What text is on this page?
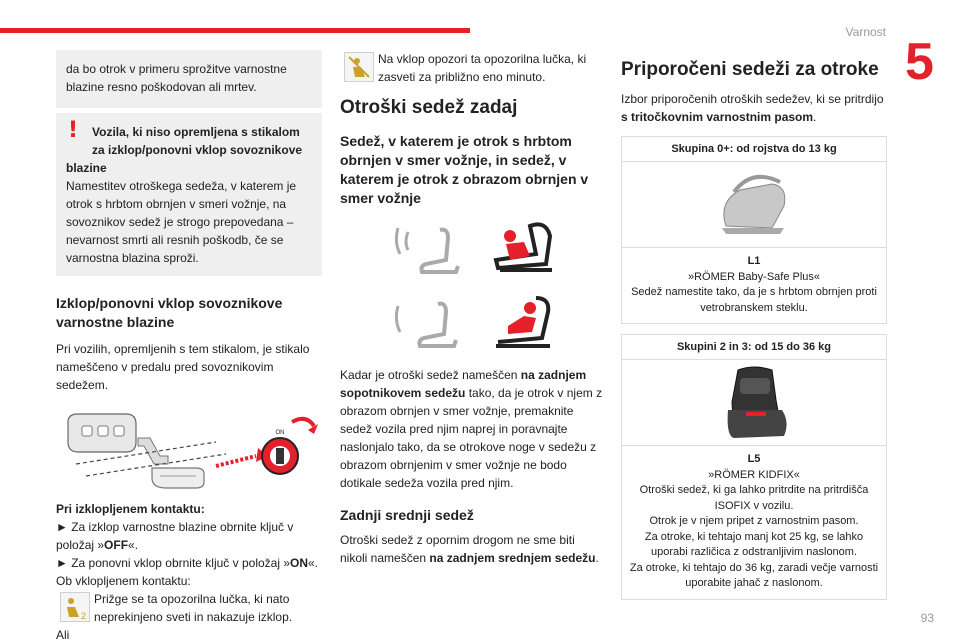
Varnost
5
da bo otrok v primeru sprožitve varnostne blazine resno poškodovan ali mrtev.
!	Vozila, ki niso opremljena s stikalom za izklop/ponovni vklop sovoznikove
blazine
Namestitev otroškega sedeža, v katerem je otrok s hrbtom obrnjen v smeri vožnje, na sovoznikov sedež je strogo prepovedana – nevarnost smrti ali resnih poškodb, če se varnostna blazina sproži.
Izklop/ponovni vklop sovoznikove varnostne blazine

Pri vozilih, opremljenih s tem stikalom, je stikalo nameščeno v predalu pred sovoznikovim sedežem.

ON

Pri izklopljenem kontaktu:

► Za izklop varnostne blazine obrnite ključ v položaj »OFF«.

► Za ponovni vklop obrnite ključ v položaj »ON«.

Ob vklopljenem kontaktu:

2

Prižge se ta opozorilna lučka, ki nato neprekinjeno sveti in nakazuje izklop.

Ali

Na vklop opozori ta opozorilna lučka, ki zasveti za približno eno minuto.

Otroški sedež zadaj
Sedež, v katerem je otrok s hrbtom obrnjen v smer vožnje, in sedež, v katerem je otrok z obrazom obrnjen v smer vožnje

Kadar je otroški sedež nameščen na zadnjem sopotnikovem sedežu tako, da je otrok v njem z obrazom obrnjen v smer vožnje, premaknite sedež vozila pred njim naprej in poravnajte naslonjalo tako, da se otrokove noge v sedežu z obrazom obrnjenim v smer vožnje ne bodo dotikale sedeža vozila pred njim.

Zadnji srednji sedež

Otroški sedež z opornim drogom ne sme biti nikoli nameščen na zadnjem srednjem sedežu.

Priporočeni sedeži za otroke

Izbor priporočenih otroških sedežev, ki se pritrdijo s tritočkovnim varnostnim pasom.

Skupina 0+: od rojstva do 13 kg
L1
»RÖMER Baby-Safe Plus«
Sedež namestite tako, da je s hrbtom obrnjen proti vetrobranskem steklu.
Skupini 2 in 3: od 15 do 36 kg
L5
»RÖMER KIDFIX«
Otroški sedež, ki ga lahko pritrdite na pritrdišča ISOFIX v vozilu.
Otrok je v njem pripet z varnostnim pasom.
Za otroke, ki tehtajo manj kot 25 kg, se lahko uporabi različica z odstranljivim naslonom.
Za otroke, ki tehtajo do 36 kg, zaradi večje varnosti uporabite jahač z naslonom.
93
